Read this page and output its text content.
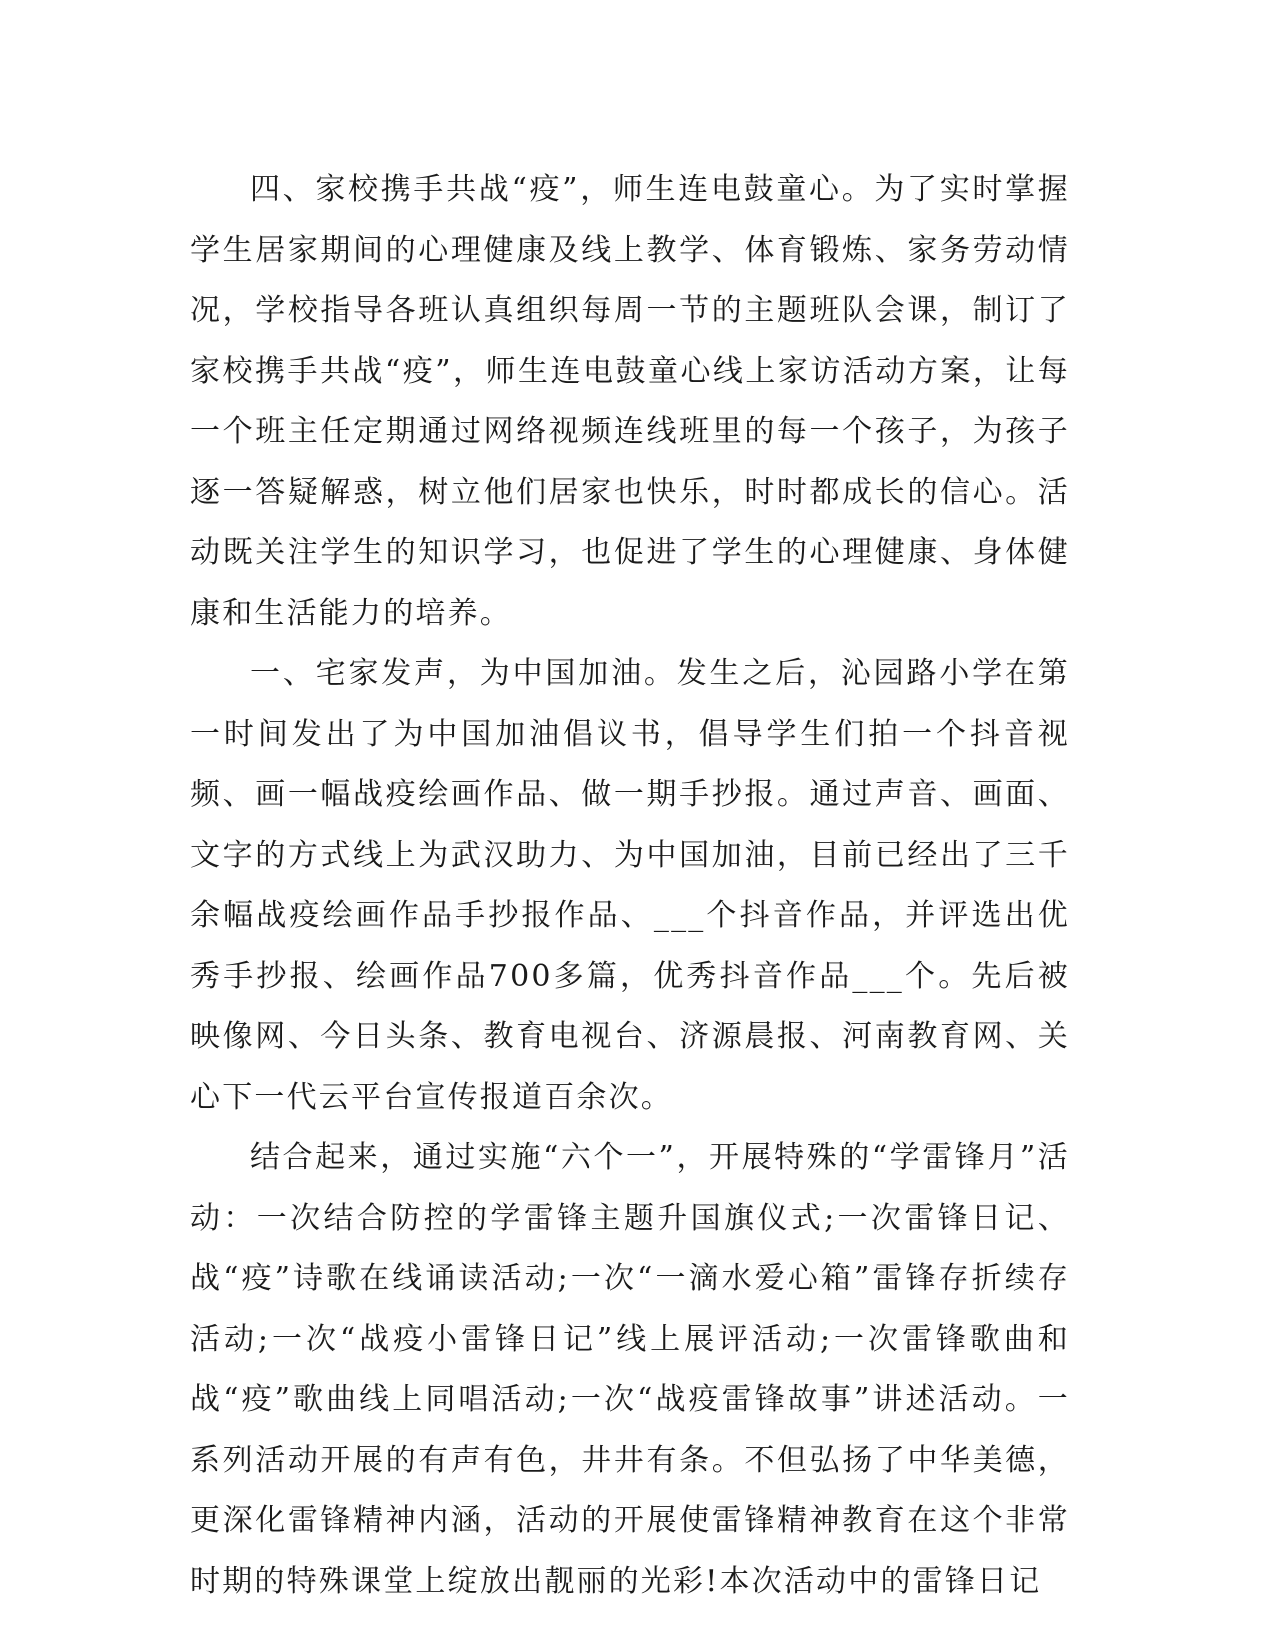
四、家校携手共战“疫”，师生连电鼓童心。为了实时掌握学生居家期间的心理健康及线上教学、体育锻炼、家务劳动情况，学校指导各班认真组织每周一节的主题班队会课，制订了家校携手共战“疫”，师生连电鼓童心线上家访活动方案，让每一个班主任定期通过网络视频连线班里的每一个孩子，为孩子逐一答疑解惑，树立他们居家也快乐，时时都成长的信心。活动既关注学生的知识学习，也促进了学生的心理健康、身体健康和生活能力的培养。

一、宅家发声，为中国加油。发生之后，沁园路小学在第一时间发出了为中国加油倡议书，倡导学生们拍一个抖音视频、画一幅战疫绘画作品、做一期手抄报。通过声音、画面、文字的方式线上为武汉助力、为中国加油，目前已经出了三千余幅战疫绘画作品手抄报作品、___个抖音作品，并评选出优秀手抄报、绘画作品700多篇，优秀抖音作品___个。先后被映像网、今日头条、教育电视台、济源晨报、河南教育网、关心下一代云平台宣传报道百余次。

结合起来，通过实施“六个一”，开展特殊的“学雷锋月”活动：一次结合防控的学雷锋主题升国旗仪式;一次雷锋日记、战“疫”诗歌在线诵读活动;一次“一滴水爱心箱”雷锋存折续存活动;一次“战疫小雷锋日记”线上展评活动;一次雷锋歌曲和战“疫”歌曲线上同唱活动;一次“战疫雷锋故事”讲述活动。一系列活动开展的有声有色，井井有条。不但弘扬了中华美德，更深化雷锋精神内涵，活动的开展使雷锋精神教育在这个非常时期的特殊课堂上绽放出靓丽的光彩!本次活动中的雷锋日记
